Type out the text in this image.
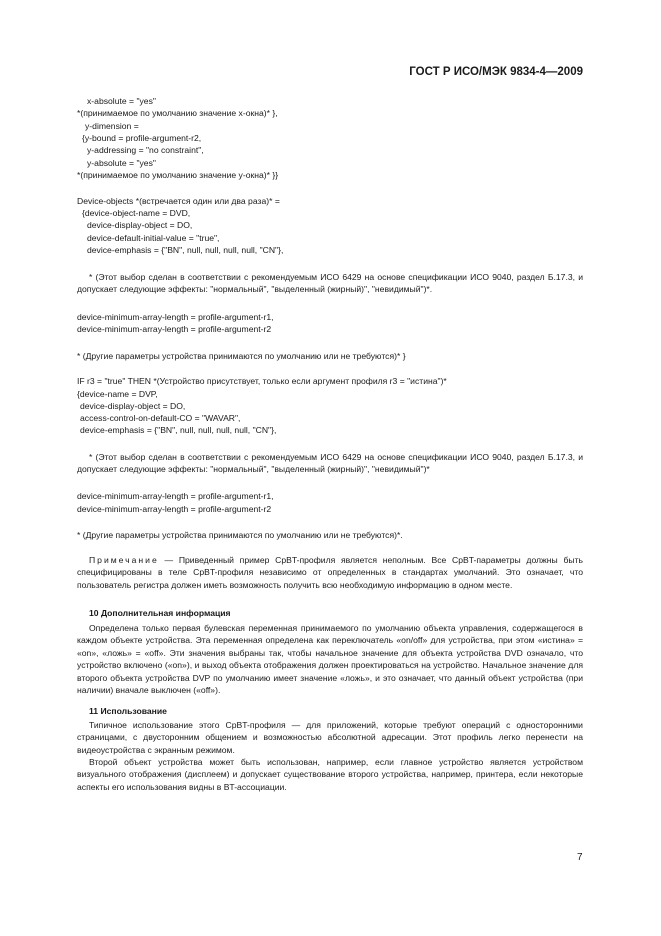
ГОСТ Р ИСО/МЭК 9834-4—2009
x-absolute = "yes"
*(принимаемое по умолчанию значение x-окна)* },
y-dimension =
{y-bound = profile-argument-r2,
y-addressing = "no constraint",
y-absolute = "yes"
*(принимаемое по умолчанию значение y-окна)* }}
Device-objects *(встречается один или два раза)* =
{device-object-name = DVD,
device-display-object = DO,
device-default-initial-value = "true",
device-emphasis = {"BN", null, null, null, null, "CN"},

* (Этот выбор сделан в соответствии с рекомендуемым ИСО 6429 на основе спецификации ИСО 9040, раздел Б.17.3, и допускает следующие эффекты: "нормальный", "выделенный (жирный)", "невидимый")*.

device-minimum-array-length = profile-argument-r1,
device-minimum-array-length = profile-argument-r2
* (Другие параметры устройства принимаются по умолчанию или не требуются)* }
IF r3 = "true" THEN *(Устройство присутствует, только если аргумент профиля r3 = "истина")*
{device-name = DVP,
device-display-object = DO,
access-control-on-default-CO = "WAVAR",
device-emphasis = {"BN", null, null, null, null, "CN"},

* (Этот выбор сделан в соответствии с рекомендуемым ИСО 6429 на основе спецификации ИСО 9040, раздел Б.17.3, и допускает следующие эффекты: "нормальный", "выделенный (жирный)", "невидимый")*

device-minimum-array-length = profile-argument-r1,
device-minimum-array-length = profile-argument-r2
* (Другие параметры устройства принимаются по умолчанию или не требуются)*.

Примечание — Приведенный пример CpBT-профиля является неполным. Все CpBT-параметры должны быть специфицированы в теле CpBT-профиля независимо от определенных в стандартах умолчаний. Это означает, что пользователь регистра должен иметь возможность получить всю необходимую информацию в одном месте.

10 Дополнительная информация

Определена только первая булевская переменная принимаемого по умолчанию объекта управления, содержащегося в каждом объекте устройства. Эта переменная определена как переключатель «on/off» для устройства, при этом «истина» = «on», «ложь» = «off». Эти значения выбраны так, чтобы начальное значение для объекта устройства DVD означало, что устройство включено («on»), и выход объекта отображения должен проектироваться на устройство. Начальное значение для второго объекта устройства DVP по умолчанию имеет значение «ложь», и это означает, что данный объект устройства (при наличии) вначале выключен («off»).

11 Использование

Типичное использование этого CpBT-профиля — для приложений, которые требуют операций с односторонними страницами, с двусторонним общением и возможностью абсолютной адресации. Этот профиль легко перенести на видеоустройства с экранным режимом.

Второй объект устройства может быть использован, например, если главное устройство является устройством визуального отображения (дисплеем) и допускает существование второго устройства, например, принтера, если некоторые аспекты его использования видны в BT-ассоциации.

7
